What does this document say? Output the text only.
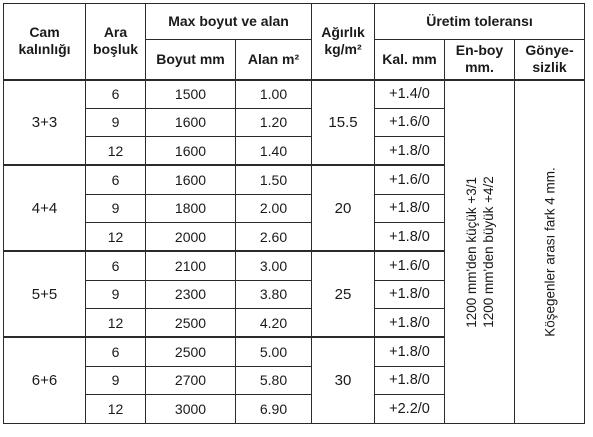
Cam kalınlığı	Ara boşluk	Max boyut ve alan		Ağırlık kg/m²	Üretim toleransı		
		Boyut mm	Alan m²		Kal. mm	En-boy mm.	Gönye-sizlik
3+3	6	1500	1.00	15.5	+1.4/0	1200 mm'den küçük +3/1 1200 mm'den büyük +4/2	Köşegenler arası fark 4 mm.

	9	1600	1.20		+1.6/0		
	12	1600	1.40		+1.8/0		
4+4	6	1600	1.50	20	+1.6/0		
	9	1800	2.00		+1.8/0		
	12	2000	2.60		+1.8/0		
5+5	6	2100	3.00	25	+1.6/0		
	9	2300	3.80		+1.8/0		
	12	2500	4.20		+1.8/0		
6+6	6	2500	5.00	30	+1.8/0		
	9	2700	5.80		+1.8/0		
	12	3000	6.90		+2.2/0		
